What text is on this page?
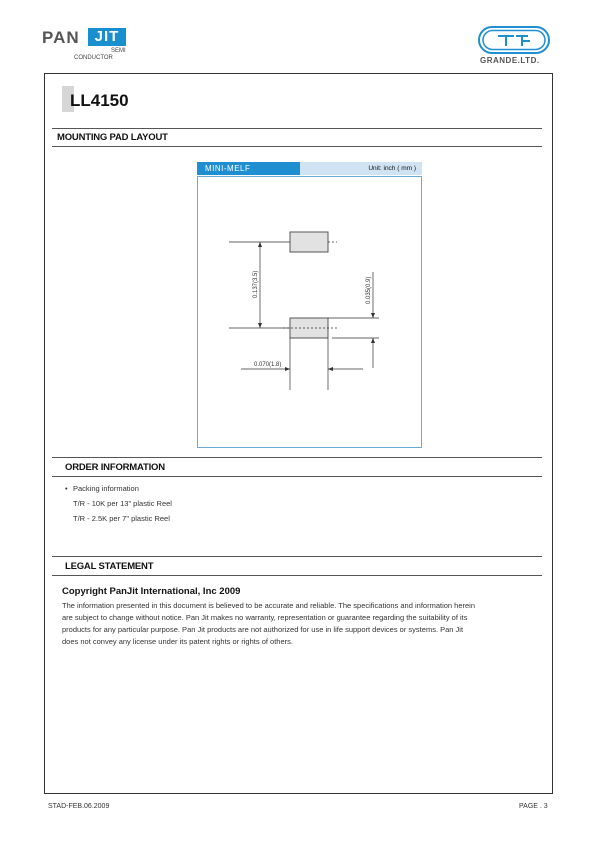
PAN	JIT
SEMI
CONDUCTOR	GRANDE.LTD.
LL4150
MOUNTING PAD LAYOUT
MINI-MELF	Unit: inch ( mm )
0.137(3.5)	0.035(0.9)
0.070(1.8)
ORDER INFORMATION
• Packing information
T/R - 10K per 13" plastic Reel
T/R - 2.5K per 7" plastic Reel
LEGAL STATEMENT
Copyright PanJit International, Inc 2009
The information presented in this document is believed to be accurate and reliable. The specifications and information herein
are subject to change without notice. Pan Jit makes no warranty, representation or guarantee regarding the suitability of its
products for any particular purpose. Pan Jit products are not authorized for use in life support devices or systems. Pan Jit
does not convey any license under its patent rights or rights of others.
STAD-FEB.06.2009	PAGE . 3
